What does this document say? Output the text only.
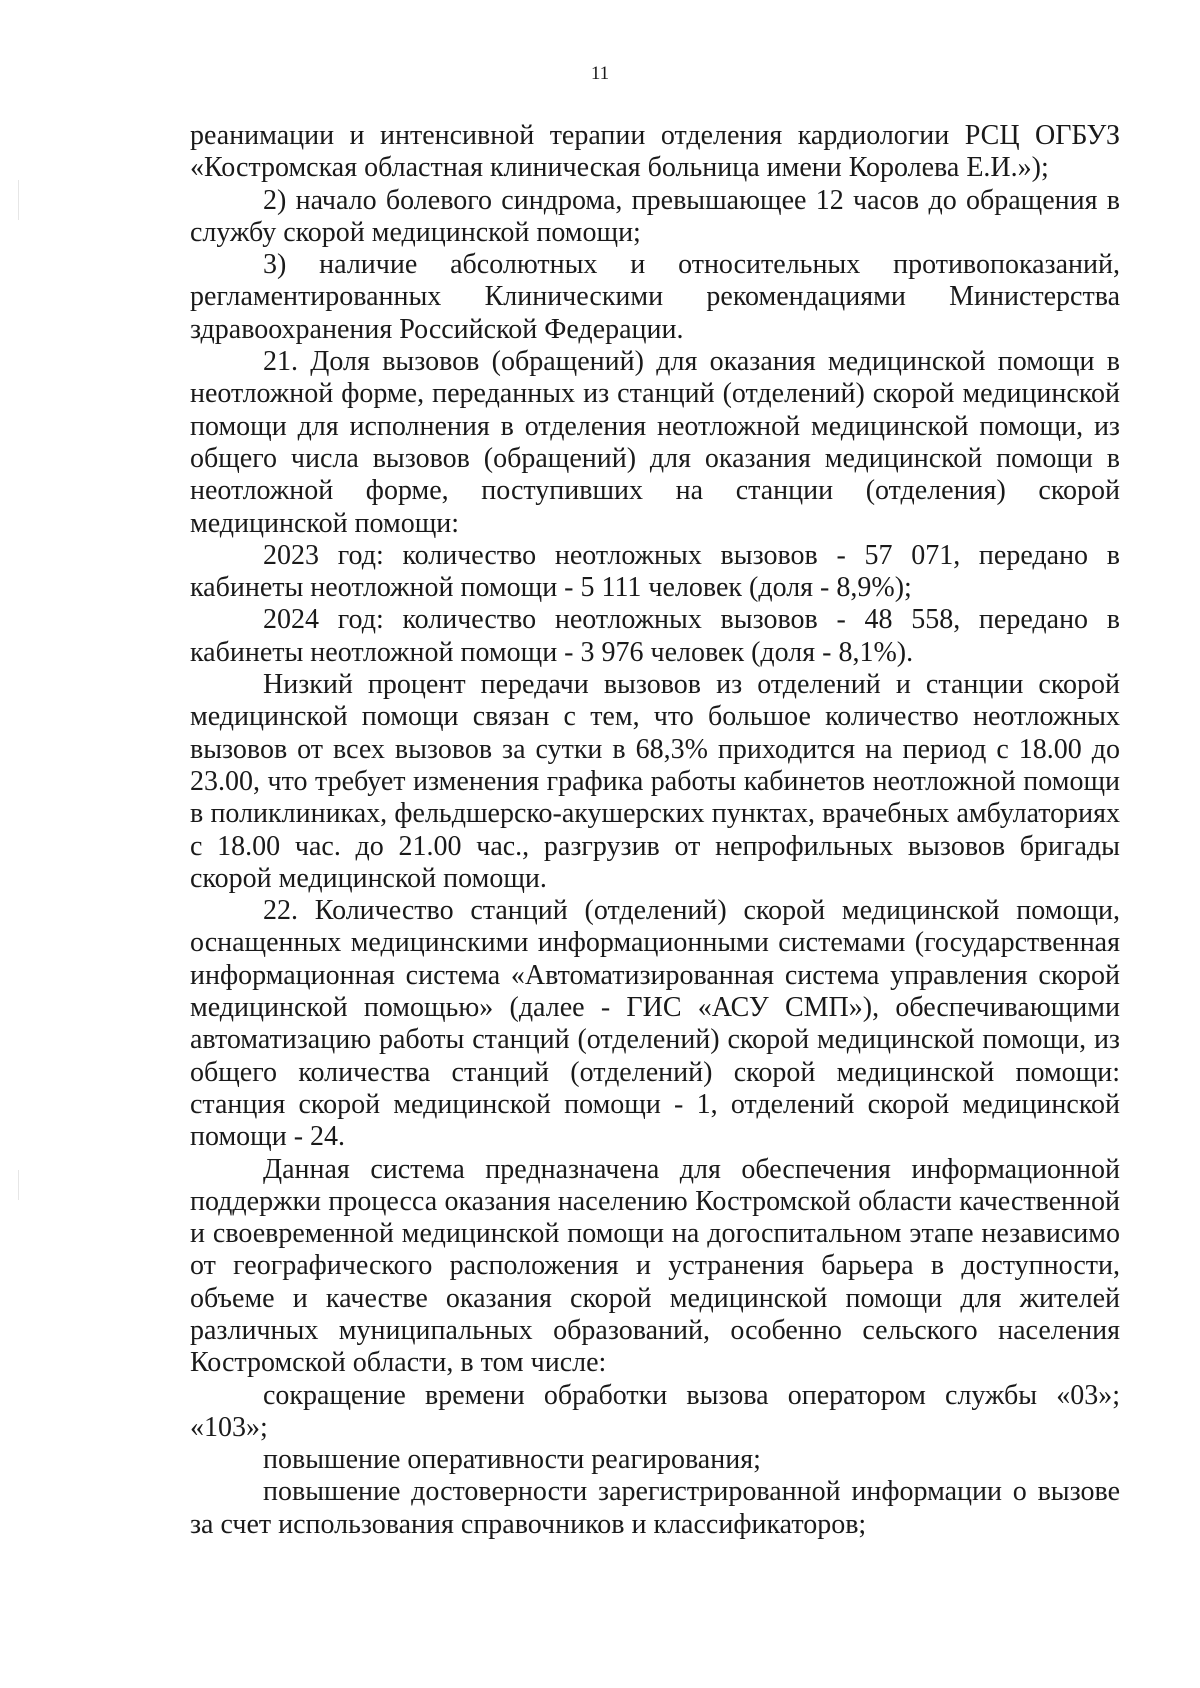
11

реанимации и интенсивной терапии отделения кардиологии РСЦ ОГБУЗ «Костромская областная клиническая больница имени Королева Е.И.»);

2) начало болевого синдрома, превышающее 12 часов до обращения в службу скорой медицинской помощи;

3) наличие абсолютных и относительных противопоказаний, регламентированных Клиническими рекомендациями Министерства здравоохранения Российской Федерации.

21. Доля вызовов (обращений) для оказания медицинской помощи в неотложной форме, переданных из станций (отделений) скорой медицинской помощи для исполнения в отделения неотложной медицинской помощи, из общего числа вызовов (обращений) для оказания медицинской помощи в неотложной форме, поступивших на станции (отделения) скорой медицинской помощи:

2023 год: количество неотложных вызовов - 57 071, передано в кабинеты неотложной помощи - 5 111 человек (доля - 8,9%);

2024 год: количество неотложных вызовов - 48 558, передано в кабинеты неотложной помощи - 3 976 человек (доля - 8,1%).

Низкий процент передачи вызовов из отделений и станции скорой медицинской помощи связан с тем, что большое количество неотложных вызовов от всех вызовов за сутки в 68,3% приходится на период с 18.00 до 23.00, что требует изменения графика работы кабинетов неотложной помощи в поликлиниках, фельдшерско-акушерских пунктах, врачебных амбулаториях с 18.00 час. до 21.00 час., разгрузив от непрофильных вызовов бригады скорой медицинской помощи.

22. Количество станций (отделений) скорой медицинской помощи, оснащенных медицинскими информационными системами (государственная информационная система «Автоматизированная система управления скорой медицинской помощью» (далее - ГИС «АСУ СМП»), обеспечивающими автоматизацию работы станций (отделений) скорой медицинской помощи, из общего количества станций (отделений) скорой медицинской помощи: станция скорой медицинской помощи - 1, отделений скорой медицинской помощи - 24.

Данная система предназначена для обеспечения информационной поддержки процесса оказания населению Костромской области качественной и своевременной медицинской помощи на догоспитальном этапе независимо от географического расположения и устранения барьера в доступности, объеме и качестве оказания скорой медицинской помощи для жителей различных муниципальных образований, особенно сельского населения Костромской области, в том числе:

сокращение времени обработки вызова оператором службы «03»; «103»;

повышение оперативности реагирования;

повышение достоверности зарегистрированной информации о вызове за счет использования справочников и классификаторов;
